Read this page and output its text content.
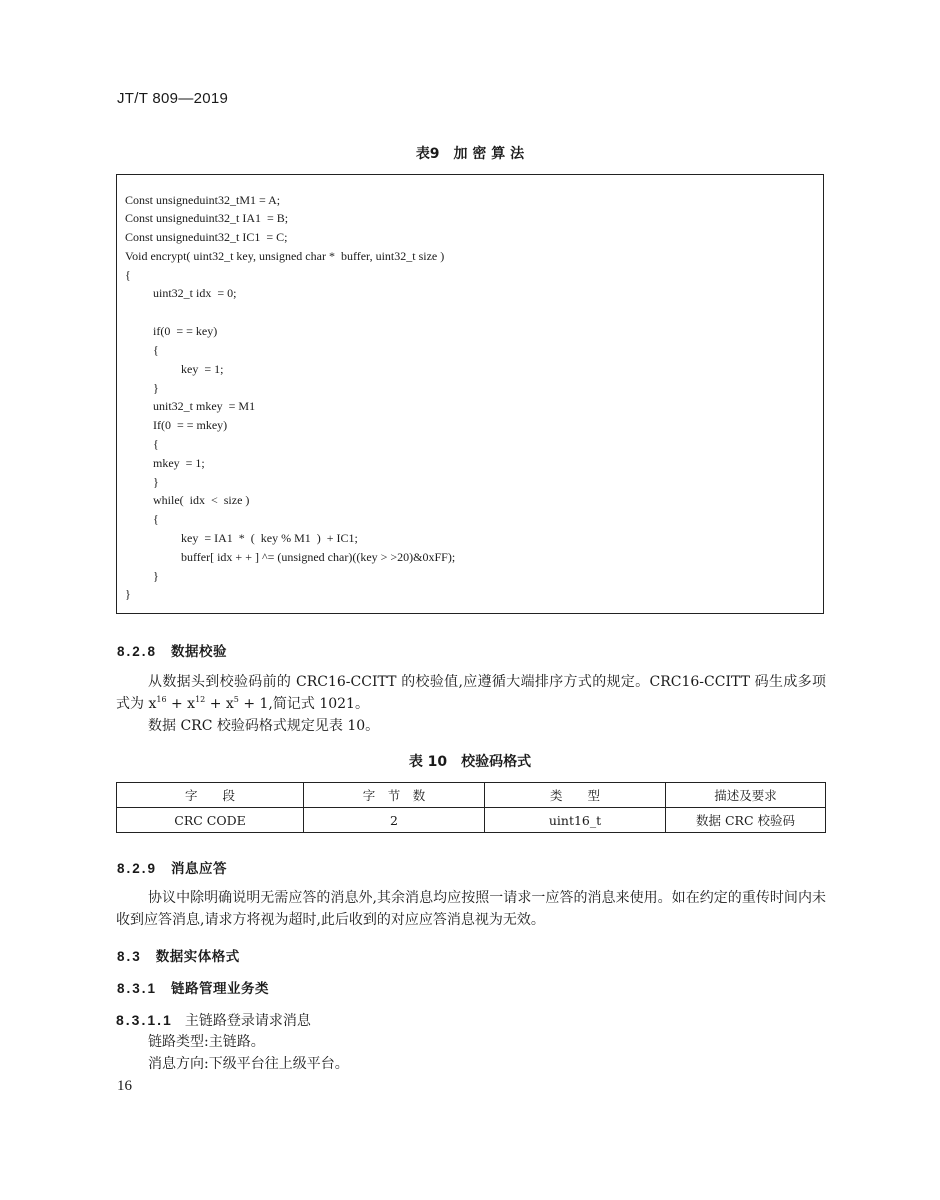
JT/T 809—2019
表9　加 密 算 法
Const unsigneduint32_tM1 = A;
Const unsigneduint32_t IA1  = B;
Const unsigneduint32_t IC1  = C;
Void encrypt( uint32_t key, unsigned char *  buffer, uint32_t size )
{
uint32_t idx  = 0;
if(0  = = key)
{
key  = 1;
}
unit32_t mkey  = M1
If(0  = = mkey)
{
mkey  = 1;
}
while(  idx  <  size )
{
key  = IA1  *  (  key % M1  )  + IC1;
buffer[ idx + + ] ^= (unsigned char)((key > >20)&0xFF);
}
}
8.2.8 数据校验
从数据头到校验码前的 CRC16-CCITT 的校验值,应遵循大端排序方式的规定。CRC16-CCITT 码生成多项式为 $x^{16} + x^{12} + x^5 + 1$,简记式 1021。
数据 CRC 校验码格式规定见表 10。
表 10　校验码格式
字　　段	字　节　数	类　　型	描述及要求
CRC CODE	2	uint16_t	数据 CRC 校验码
8.2.9 消息应答
协议中除明确说明无需应答的消息外,其余消息均应按照一请求一应答的消息来使用。如在约定的重传时间内未收到应答消息,请求方将视为超时,此后收到的对应应答消息视为无效。
8.3 数据实体格式
8.3.1 链路管理业务类
8.3.1.1 主链路登录请求消息
链路类型:主链路。
消息方向:下级平台往上级平台。
16
